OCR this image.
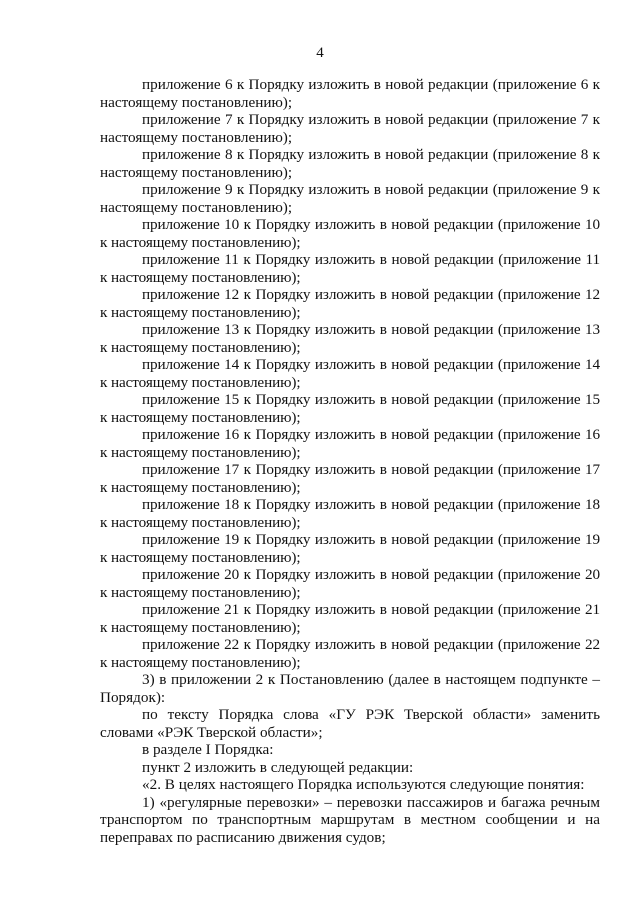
4

приложение 6 к Порядку изложить в новой редакции (приложение 6 к настоящему постановлению);

приложение 7 к Порядку изложить в новой редакции (приложение 7 к настоящему постановлению);

приложение 8 к Порядку изложить в новой редакции (приложение 8 к настоящему постановлению);

приложение 9 к Порядку изложить в новой редакции (приложение 9 к настоящему постановлению);

приложение 10 к Порядку изложить в новой редакции (приложение 10 к настоящему постановлению);

приложение 11 к Порядку изложить в новой редакции (приложение 11 к настоящему постановлению);

приложение 12 к Порядку изложить в новой редакции (приложение 12 к настоящему постановлению);

приложение 13 к Порядку изложить в новой редакции (приложение 13 к настоящему постановлению);

приложение 14 к Порядку изложить в новой редакции (приложение 14 к настоящему постановлению);

приложение 15 к Порядку изложить в новой редакции (приложение 15 к настоящему постановлению);

приложение 16 к Порядку изложить в новой редакции (приложение 16 к настоящему постановлению);

приложение 17 к Порядку изложить в новой редакции (приложение 17 к настоящему постановлению);

приложение 18 к Порядку изложить в новой редакции (приложение 18 к настоящему постановлению);

приложение 19 к Порядку изложить в новой редакции (приложение 19 к настоящему постановлению);

приложение 20 к Порядку изложить в новой редакции (приложение 20 к настоящему постановлению);

приложение 21 к Порядку изложить в новой редакции (приложение 21 к настоящему постановлению);

приложение 22 к Порядку изложить в новой редакции (приложение 22 к настоящему постановлению);

3) в приложении 2 к Постановлению (далее в настоящем подпункте – Порядок):

по тексту Порядка слова «ГУ РЭК Тверской области» заменить словами «РЭК Тверской области»;

в разделе I Порядка:

пункт 2 изложить в следующей редакции:

«2. В целях настоящего Порядка используются следующие понятия:

1) «регулярные перевозки» – перевозки пассажиров и багажа речным транспортом по транспортным маршрутам в местном сообщении и на переправах по расписанию движения судов;
